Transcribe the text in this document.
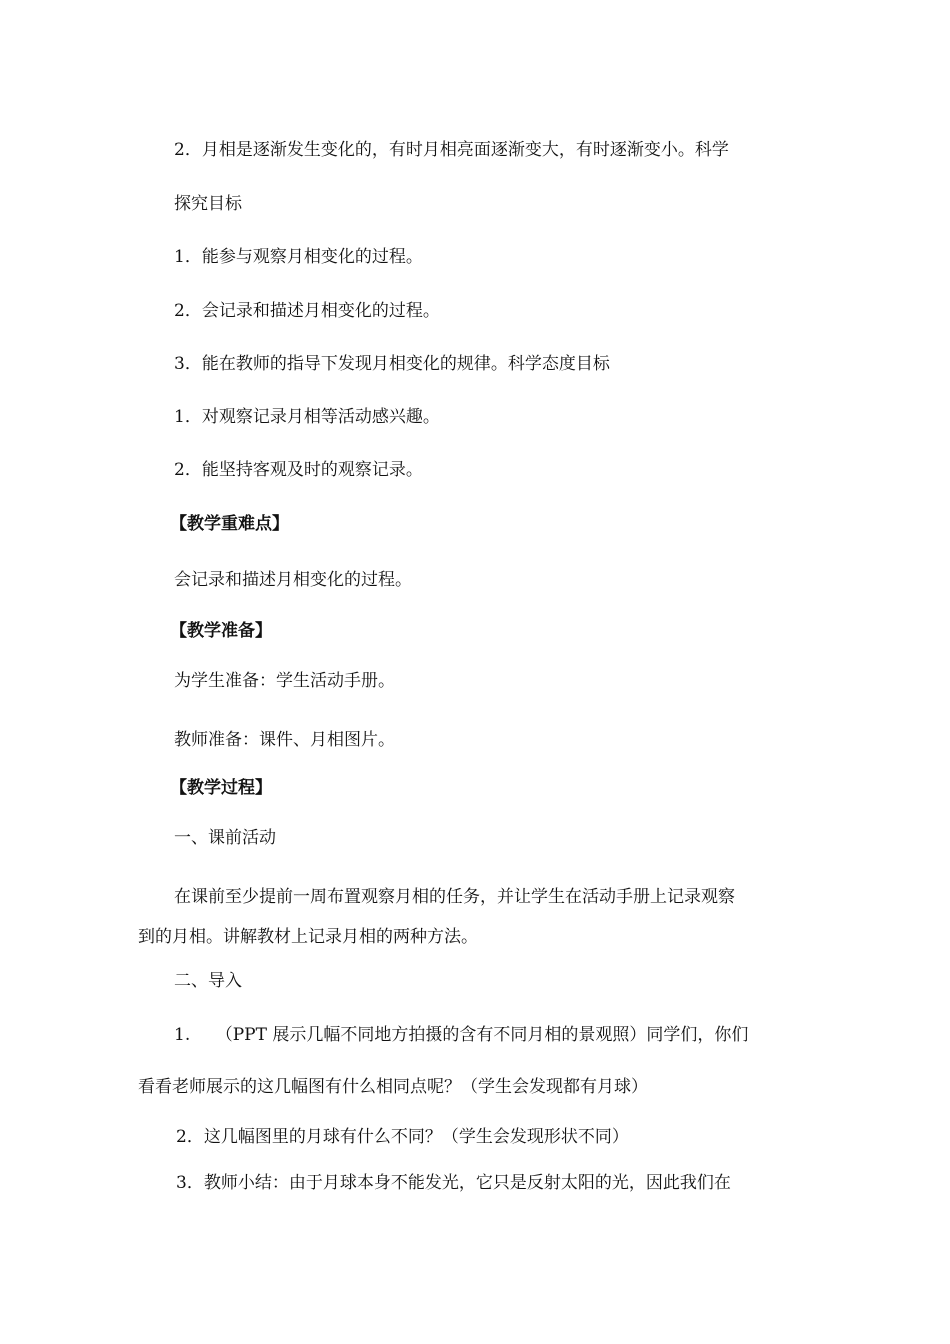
2．月相是逐渐发生变化的，有时月相亮面逐渐变大，有时逐渐变小。科学

探究目标

1．能参与观察月相变化的过程。

2．会记录和描述月相变化的过程。

3．能在教师的指导下发现月相变化的规律。科学态度目标

1．对观察记录月相等活动感兴趣。

2．能坚持客观及时的观察记录。

【教学重难点】

会记录和描述月相变化的过程。

【教学准备】

为学生准备：学生活动手册。

教师准备：课件、月相图片。

【教学过程】

一、课前活动

在课前至少提前一周布置观察月相的任务，并让学生在活动手册上记录观察

到的月相。讲解教材上记录月相的两种方法。

二、导入

1.　　（PPT 展示几幅不同地方拍摄的含有不同月相的景观照）同学们，你们

看看老师展示的这几幅图有什么相同点呢？（学生会发现都有月球）

2．这几幅图里的月球有什么不同？（学生会发现形状不同）

3．教师小结：由于月球本身不能发光，它只是反射太阳的光，因此我们在
